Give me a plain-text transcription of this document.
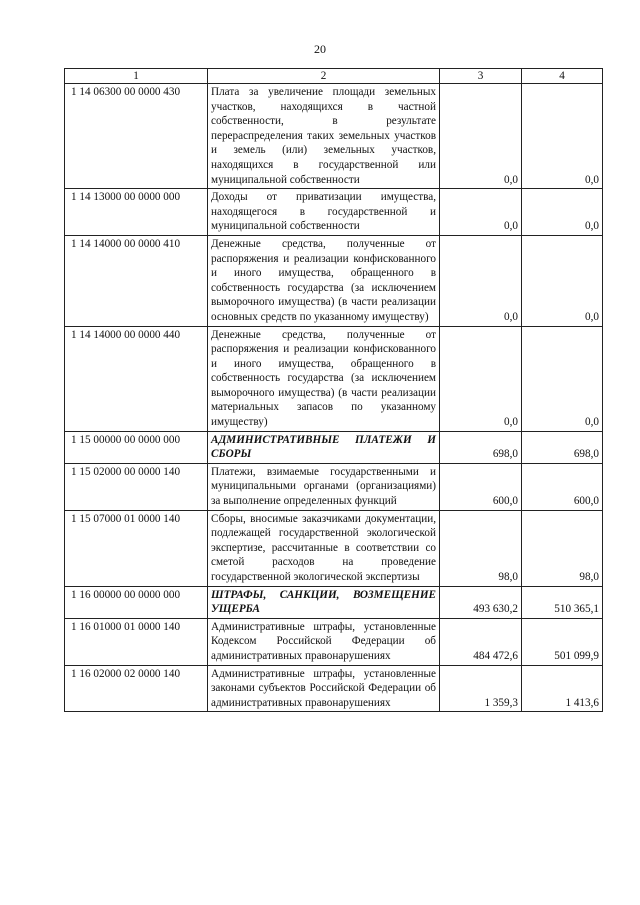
20
1	2	3	4
1 14 06300 00 0000 430	Плата за увеличение площади земельных участков, находящихся в частной собственности, в результате перераспределения таких земельных участков и земель (или) земельных участков, находящихся в государственной или муниципальной собственности	0,0	0,0
1 14 13000 00 0000 000	Доходы от приватизации имущества, находящегося в государственной и муниципальной собственности	0,0	0,0
1 14 14000 00 0000 410	Денежные средства, полученные от распоряжения и реализации конфискованного и иного имущества, обращенного в собственность государства (за исключением выморочного имущества) (в части реализации основных средств по указанному имуществу)	0,0	0,0
1 14 14000 00 0000 440	Денежные средства, полученные от распоряжения и реализации конфискованного и иного имущества, обращенного в собственность государства (за исключением выморочного имущества) (в части реализации материальных запасов по указанному имуществу)	0,0	0,0
1 15 00000 00 0000 000	АДМИНИСТРАТИВНЫЕ ПЛАТЕЖИ И СБОРЫ	698,0	698,0
1 15 02000 00 0000 140	Платежи, взимаемые государственными и муниципальными органами (организациями) за выполнение определенных функций	600,0	600,0
1 15 07000 01 0000 140	Сборы, вносимые заказчиками документации, подлежащей государственной экологической экспертизе, рассчитанные в соответствии со сметой расходов на проведение государственной экологической экспертизы	98,0	98,0
1 16 00000 00 0000 000	ШТРАФЫ, САНКЦИИ, ВОЗМЕЩЕНИЕ УЩЕРБА	493 630,2	510 365,1
1 16 01000 01 0000 140	Административные штрафы, установленные Кодексом Российской Федерации об административных правонарушениях	484 472,6	501 099,9
1 16 02000 02 0000 140	Административные штрафы, установленные законами субъектов Российской Федерации об административных правонарушениях	1 359,3	1 413,6
